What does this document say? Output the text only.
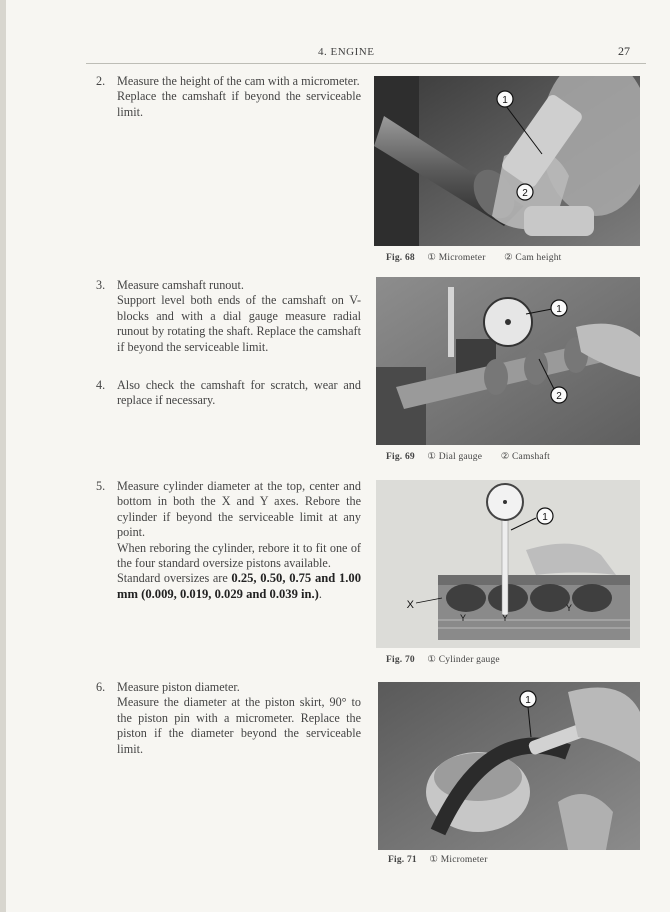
4. ENGINE	27
2. Measure the height of the cam with a micrometer.

Replace the camshaft if beyond the serviceable limit.

3. Measure camshaft runout.

Support level both ends of the camshaft on V-blocks and with a dial gauge measure radial runout by rotating the shaft. Replace the camshaft if beyond the serviceable limit.

4. Also check the camshaft for scratch, wear and replace if necessary.

5. Measure cylinder diameter at the top, center and bottom in both the X and Y axes. Rebore the cylinder if beyond the serviceable limit at any point.

When reboring the cylinder, rebore it to fit one of the four standard oversize pistons available.

Standard oversizes are 0.25, 0.50, 0.75 and 1.00 mm (0.009, 0.019, 0.029 and 0.039 in.).

6. Measure piston diameter.

Measure the diameter at the piston skirt, 90° to the piston pin with a micrometer. Replace the piston if the diameter beyond the serviceable limit.

1
2
Fig. 68 ① Micrometer ② Cam height
1
2
Fig. 69 ① Dial gauge ② Camshaft
X
Y	Y
Y
1
Fig. 70 ① Cylinder gauge
1
Fig. 71 ① Micrometer
